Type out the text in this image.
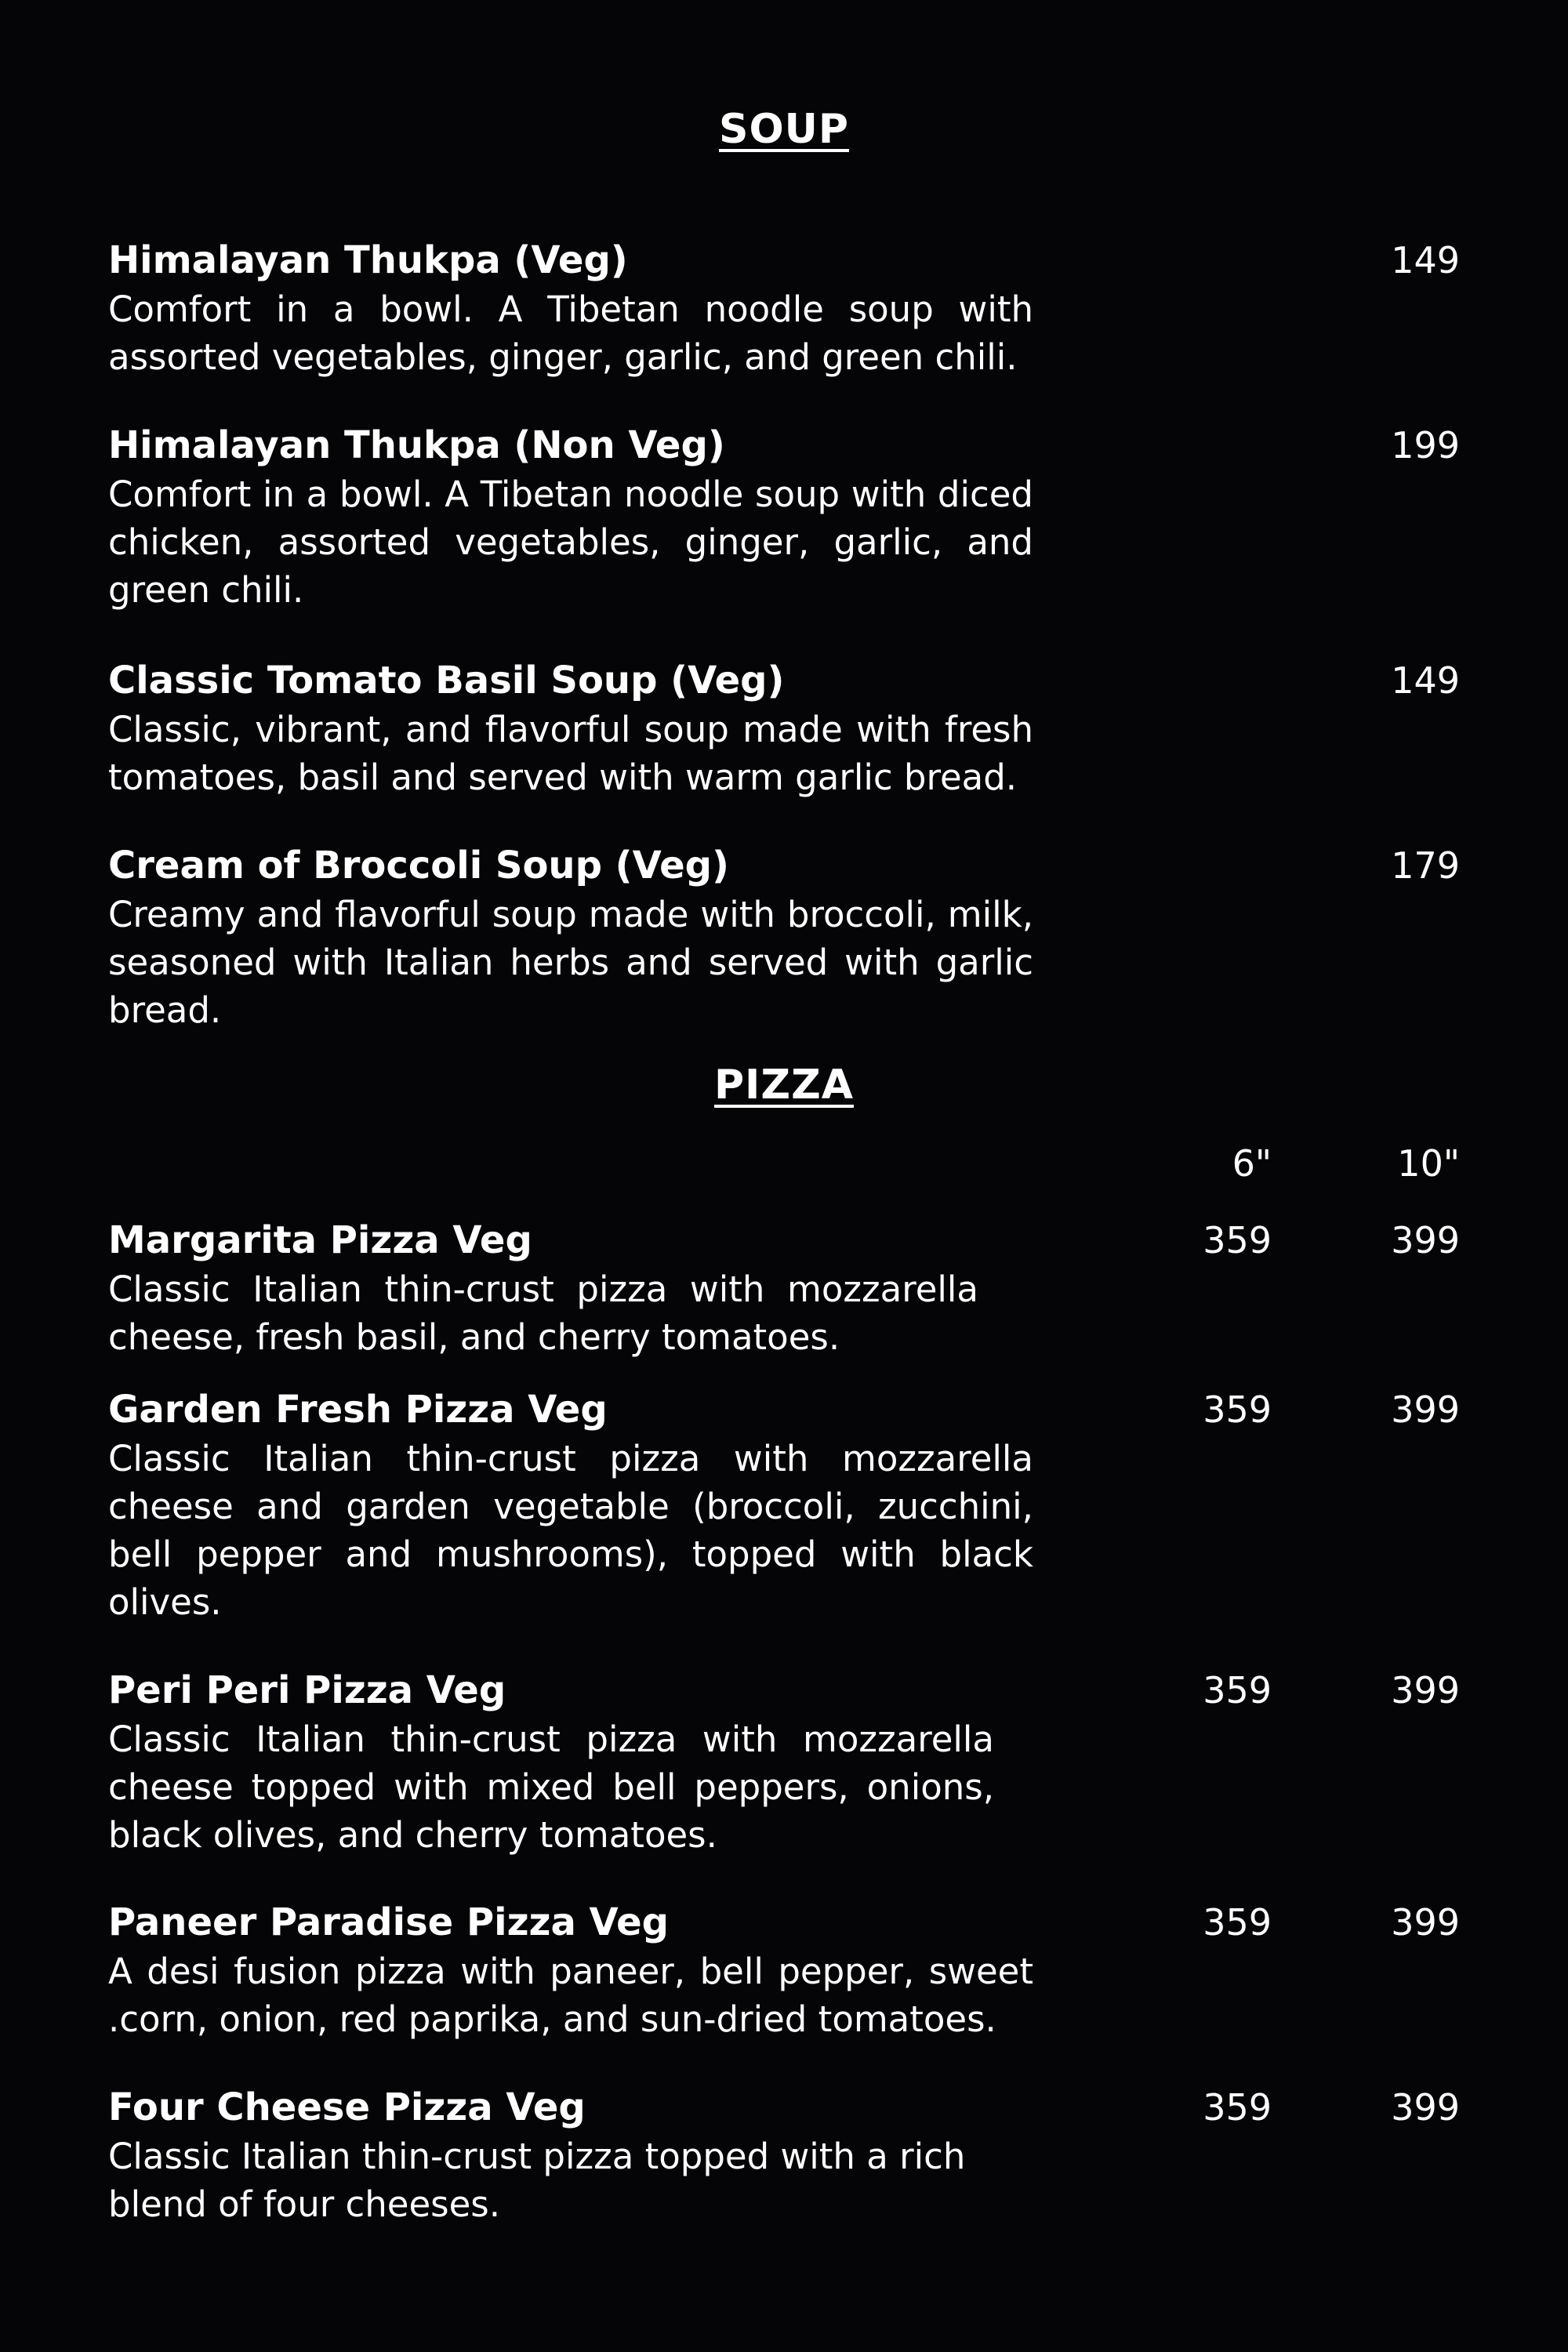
SOUP
Himalayan Thukpa (Veg)

Comfort in a bowl. A Tibetan noodle soup with assorted vegetables, ginger, garlic, and green chili.

149
Himalayan Thukpa (Non Veg)

Comfort in a bowl. A Tibetan noodle soup with diced chicken, assorted vegetables, ginger, garlic, and green chili.

199
Classic Tomato Basil Soup (Veg)

Classic, vibrant, and flavorful soup made with fresh tomatoes, basil and served with warm garlic bread.

149
Cream of Broccoli Soup (Veg)

Creamy and flavorful soup made with broccoli, milk, seasoned with Italian herbs and served with garlic bread.

179
PIZZA
6"	10"
Margarita Pizza Veg

Classic Italian thin-crust pizza with mozzarella cheese, fresh basil, and cherry tomatoes.

359	399
Garden Fresh Pizza Veg

Classic Italian thin-crust pizza with mozzarella cheese and garden vegetable (broccoli, zucchini, bell pepper and mushrooms), topped with black olives.

359	399
Peri Peri Pizza Veg

Classic Italian thin-crust pizza with mozzarella cheese topped with mixed bell peppers, onions, black olives, and cherry tomatoes.

359	399
Paneer Paradise Pizza Veg

A desi fusion pizza with paneer, bell pepper, sweet .corn, onion, red paprika, and sun-dried tomatoes.

359	399
Four Cheese Pizza Veg

Classic Italian thin-crust pizza topped with a rich blend of four cheeses.

359	399
